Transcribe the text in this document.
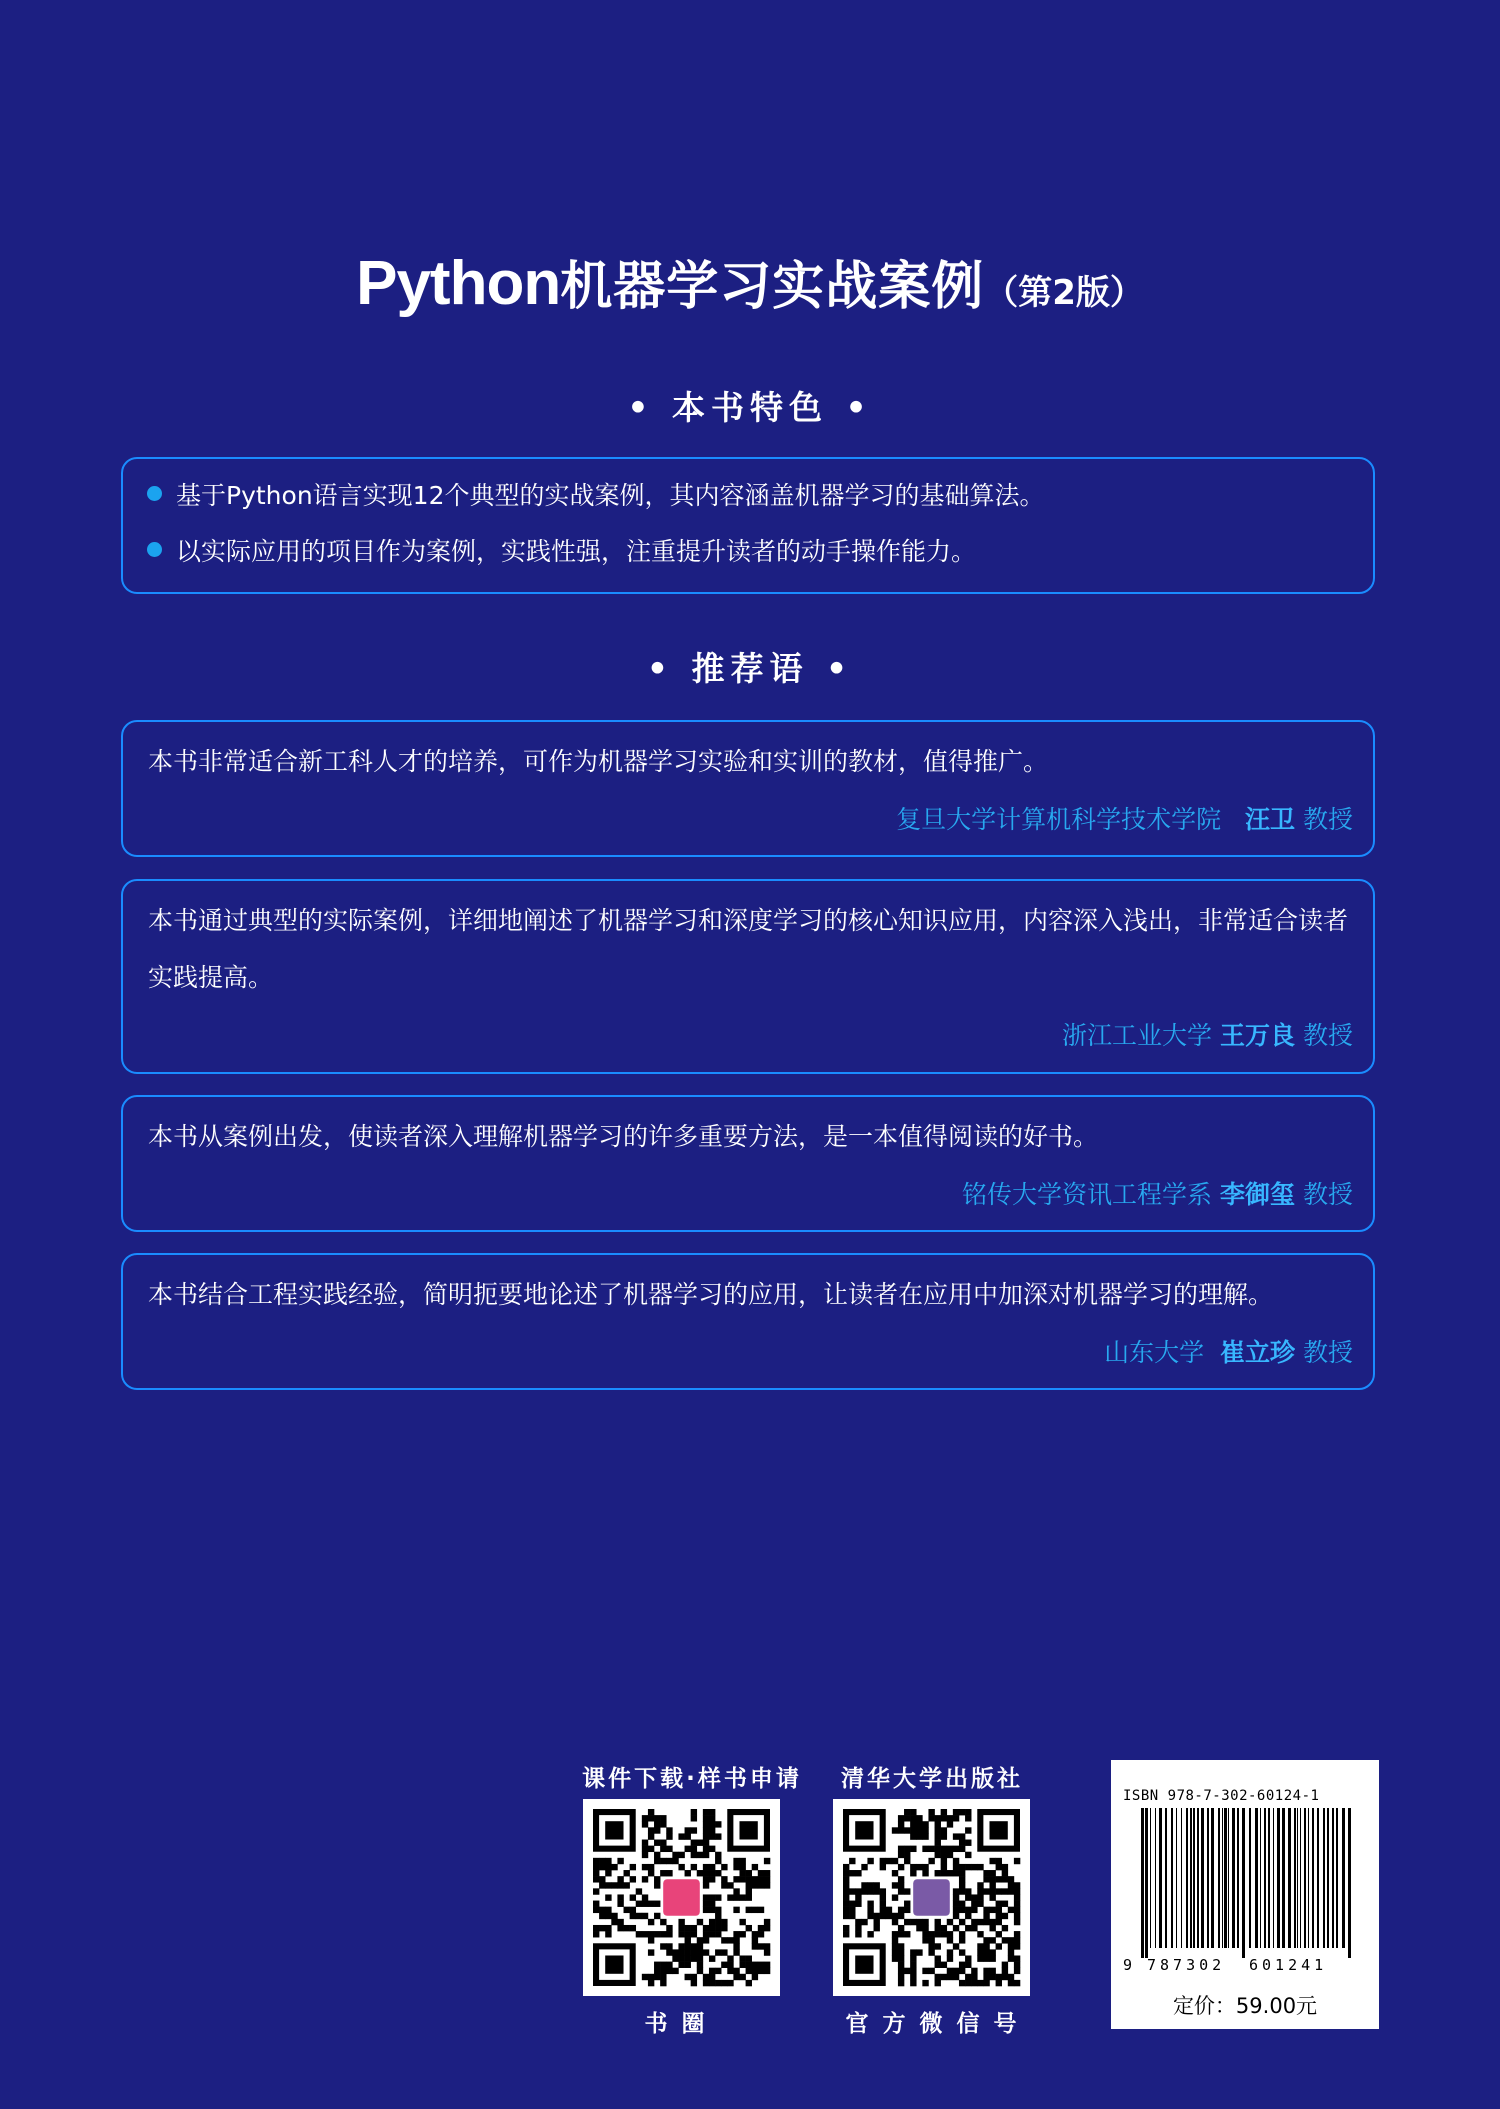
Python机器学习实战案例（第2版）
• 本书特色 •
基于Python语言实现12个典型的实战案例，其内容涵盖机器学习的基础算法。
以实际应用的项目作为案例，实践性强，注重提升读者的动手操作能力。
• 推荐语 •
本书非常适合新工科人才的培养，可作为机器学习实验和实训的教材，值得推广。
复旦大学计算机科学技术学院 汪卫 教授
本书通过典型的实际案例，详细地阐述了机器学习和深度学习的核心知识应用，内容深入浅出，非常适合读者实践提高。
浙江工业大学 王万良 教授
本书从案例出发，使读者深入理解机器学习的许多重要方法，是一本值得阅读的好书。
铭传大学资讯工程学系 李御玺 教授
本书结合工程实践经验，简明扼要地论述了机器学习的应用，让读者在应用中加深对机器学习的理解。
山东大学 崔立珍 教授
课件下载·样书申请
书圈
清华大学出版社
官方微信号
ISBN 978-7-302-60124-1
9 787302 601241
定价：59.00元
